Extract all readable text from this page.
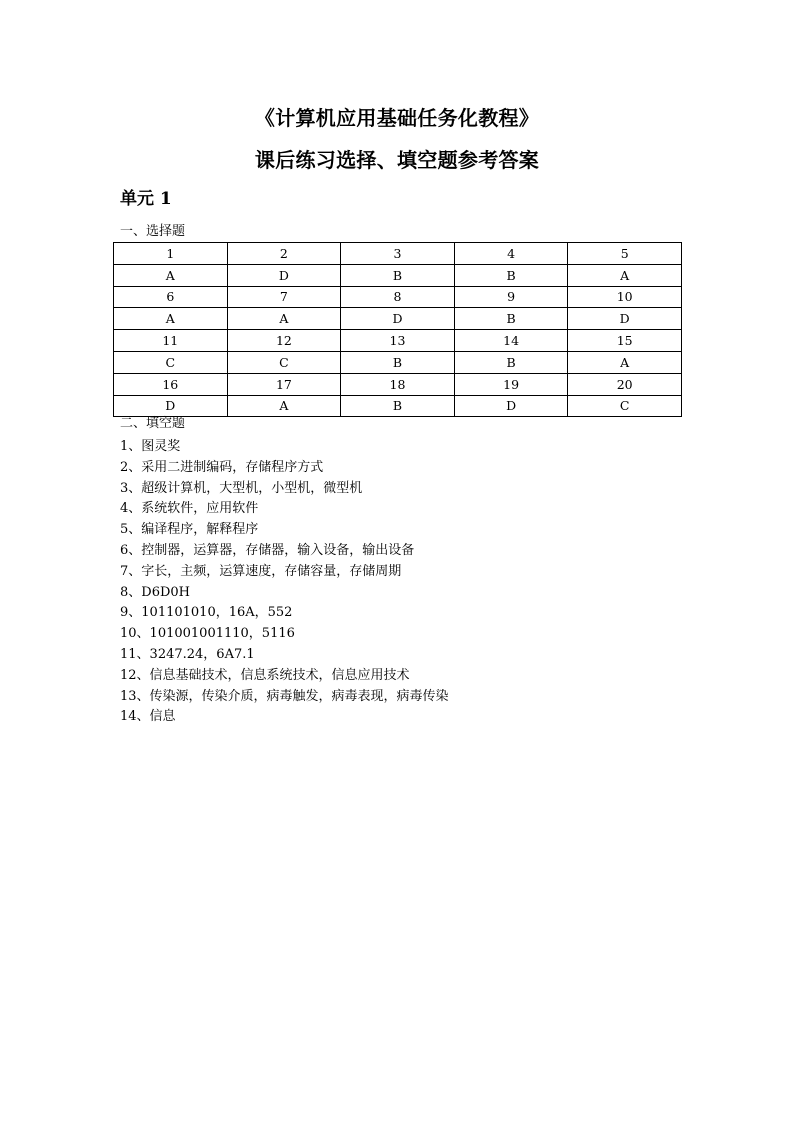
《计算机应用基础任务化教程》
课后练习选择、填空题参考答案
单元 1
一、选择题
1	2	3	4	5
A	D	B	B	A
6	7	8	9	10
A	A	D	B	D
11	12	13	14	15
C	C	B	B	A
16	17	18	19	20
D	A	B	D	C
二、填空题
1、图灵奖
2、采用二进制编码，存储程序方式
3、超级计算机，大型机，小型机，微型机
4、系统软件，应用软件
5、编译程序，解释程序
6、控制器，运算器，存储器，输入设备，输出设备
7、字长，主频，运算速度，存储容量，存储周期
8、D6D0H
9、101101010，16A，552
10、101001001110，5116
11、3247.24，6A7.1
12、信息基础技术，信息系统技术，信息应用技术
13、传染源，传染介质，病毒触发，病毒表现，病毒传染
14、信息
